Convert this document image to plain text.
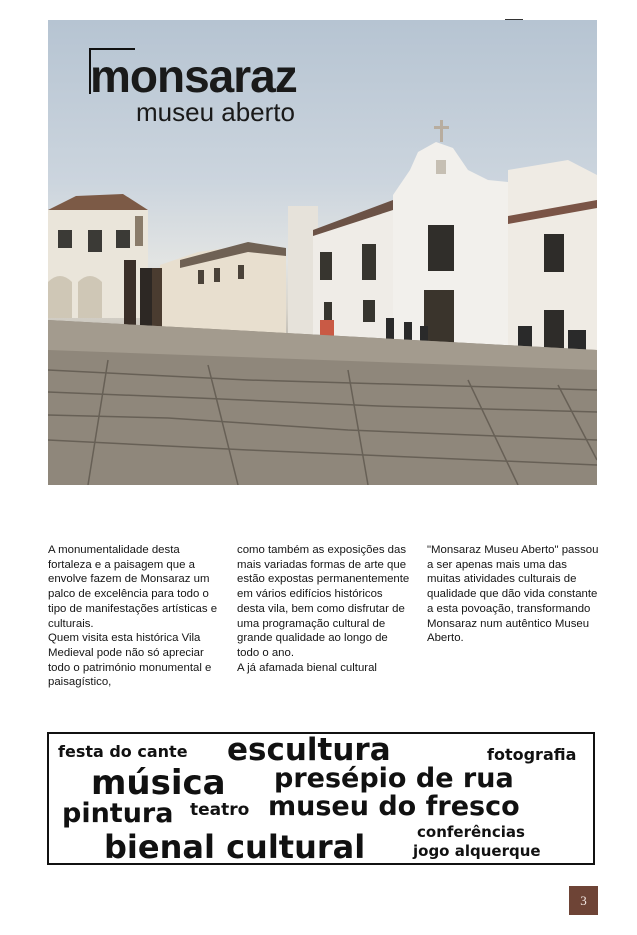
monsaraz
museu aberto

A monumentalidade desta fortaleza e a paisagem que a envolve fazem de Monsaraz um palco de excelência para todo o tipo de manifestações artísticas e culturais.

Quem visita esta histórica Vila Medieval pode não só apreciar todo o património monumental e paisagístico,

como também as exposições das mais variadas formas de arte que estão expostas permanentemente em vários edifícios históricos desta vila, bem como disfrutar de uma programação cultural de grande qualidade ao longo de todo o ano.

A já afamada bienal cultural

"Monsaraz Museu Aberto" passou a ser apenas mais uma das muitas atividades culturais de qualidade que dão vida constante a esta povoação, transformando Monsaraz num autêntico Museu Aberto.

festa do cante escultura	fotografia
música presépio de rua
pintura teatro museu do fresco
conferências
bienal cultural	jogo alquerque
3
